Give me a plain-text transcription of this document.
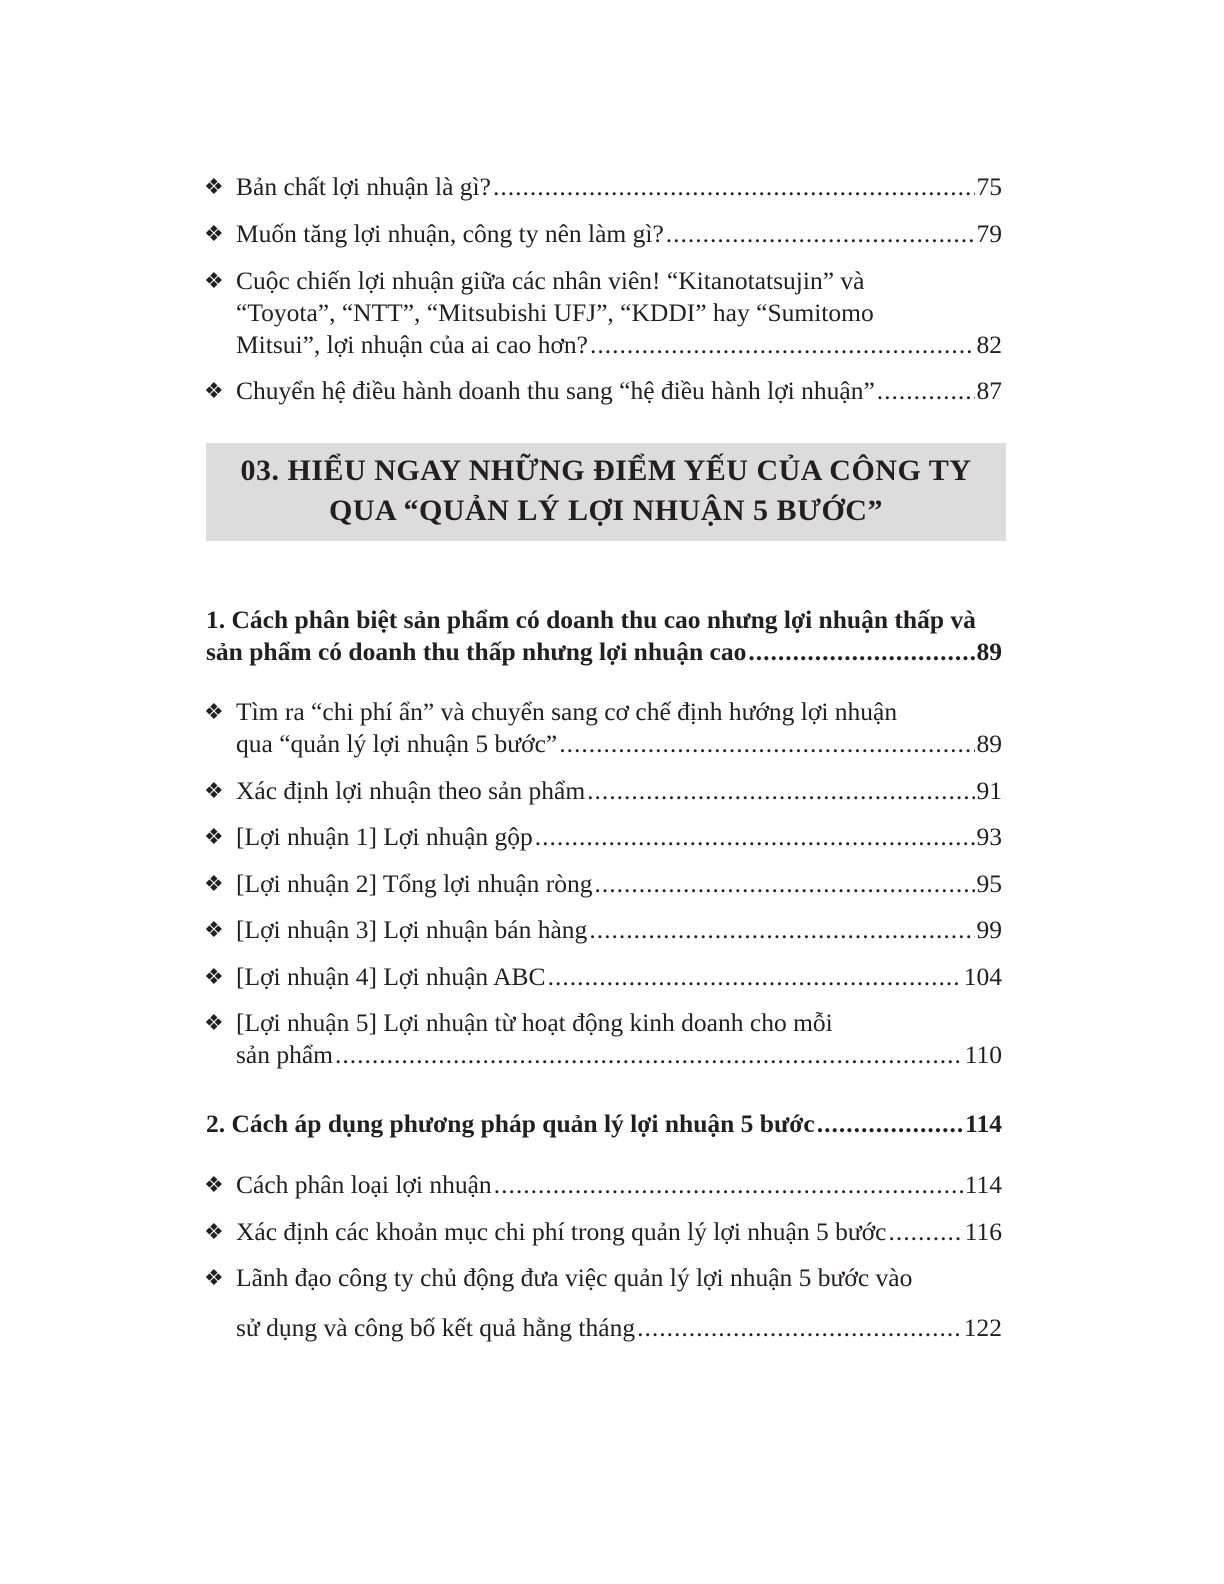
❖ Bản chất lợi nhuận là gì? .....	75
❖ Muốn tăng lợi nhuận, công ty nên làm gì? .....	79
❖ Cuộc chiến lợi nhuận giữa các nhân viên! “Kitanotatsujin” và
“Toyota”, “NTT”, “Mitsubishi UFJ”, “KDDI” hay “Sumitomo
Mitsui”, lợi nhuận của ai cao hơn? .....	82
❖ Chuyển hệ điều hành doanh thu sang “hệ điều hành lợi nhuận” .....	87
03. HIỂU NGAY NHỮNG ĐIỂM YẾU CỦA CÔNG TY
QUA “QUẢN LÝ LỢI NHUẬN 5 BƯỚC”
1. Cách phân biệt sản phẩm có doanh thu cao nhưng lợi nhuận thấp và
sản phẩm có doanh thu thấp nhưng lợi nhuận cao .....	89
❖ Tìm ra “chi phí ẩn” và chuyển sang cơ chế định hướng lợi nhuận
qua “quản lý lợi nhuận 5 bước” .....	89
❖ Xác định lợi nhuận theo sản phẩm .....	91
❖ [Lợi nhuận 1] Lợi nhuận gộp .....	93
❖ [Lợi nhuận 2] Tổng lợi nhuận ròng .....	95
❖ [Lợi nhuận 3] Lợi nhuận bán hàng .....	99
❖ [Lợi nhuận 4] Lợi nhuận ABC .....	104
❖ [Lợi nhuận 5] Lợi nhuận từ hoạt động kinh doanh cho mỗi
sản phẩm .....	110
2. Cách áp dụng phương pháp quản lý lợi nhuận 5 bước .....	114
❖ Cách phân loại lợi nhuận .....	114
❖ Xác định các khoản mục chi phí trong quản lý lợi nhuận 5 bước .....	116
❖ Lãnh đạo công ty chủ động đưa việc quản lý lợi nhuận 5 bước vào
sử dụng và công bố kết quả hằng tháng .....	122
